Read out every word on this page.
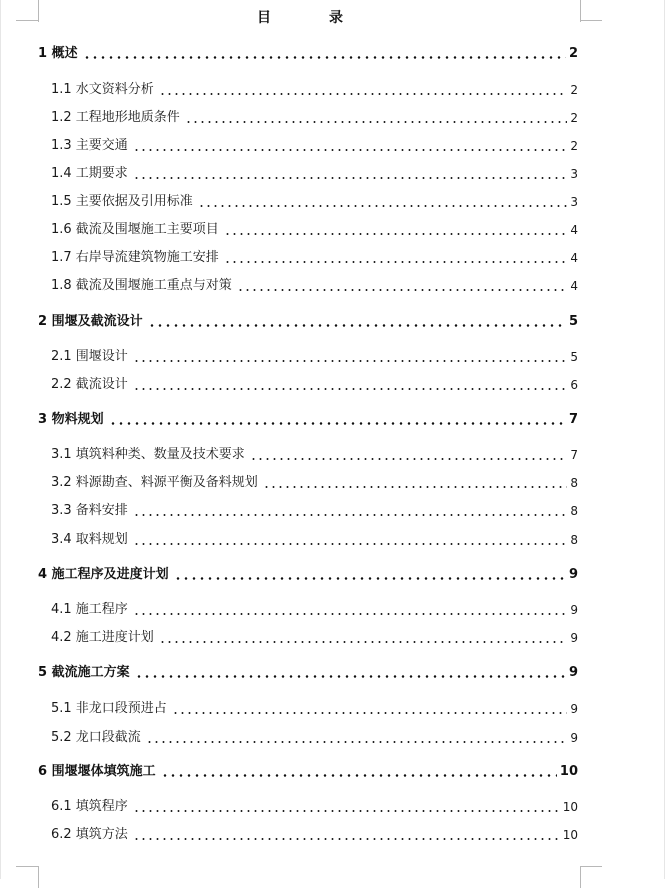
目　录
1 概述	2
1.1 水文资料分析	2
1.2 工程地形地质条件	2
1.3 主要交通	2
1.4 工期要求	3
1.5 主要依据及引用标准	3
1.6 截流及围堰施工主要项目	4
1.7 右岸导流建筑物施工安排	4
1.8 截流及围堰施工重点与对策	4
2 围堰及截流设计	5
2.1 围堰设计	5
2.2 截流设计	6
3 物料规划	7
3.1 填筑料种类、数量及技术要求	7
3.2 料源勘查、料源平衡及备料规划	8
3.3 备料安排	8
3.4 取料规划	8
4 施工程序及进度计划	9
4.1 施工程序	9
4.2 施工进度计划	9
5 截流施工方案	9
5.1 非龙口段预进占	9
5.2 龙口段截流	9
6 围堰堰体填筑施工	10
6.1 填筑程序	10
6.2 填筑方法	10
